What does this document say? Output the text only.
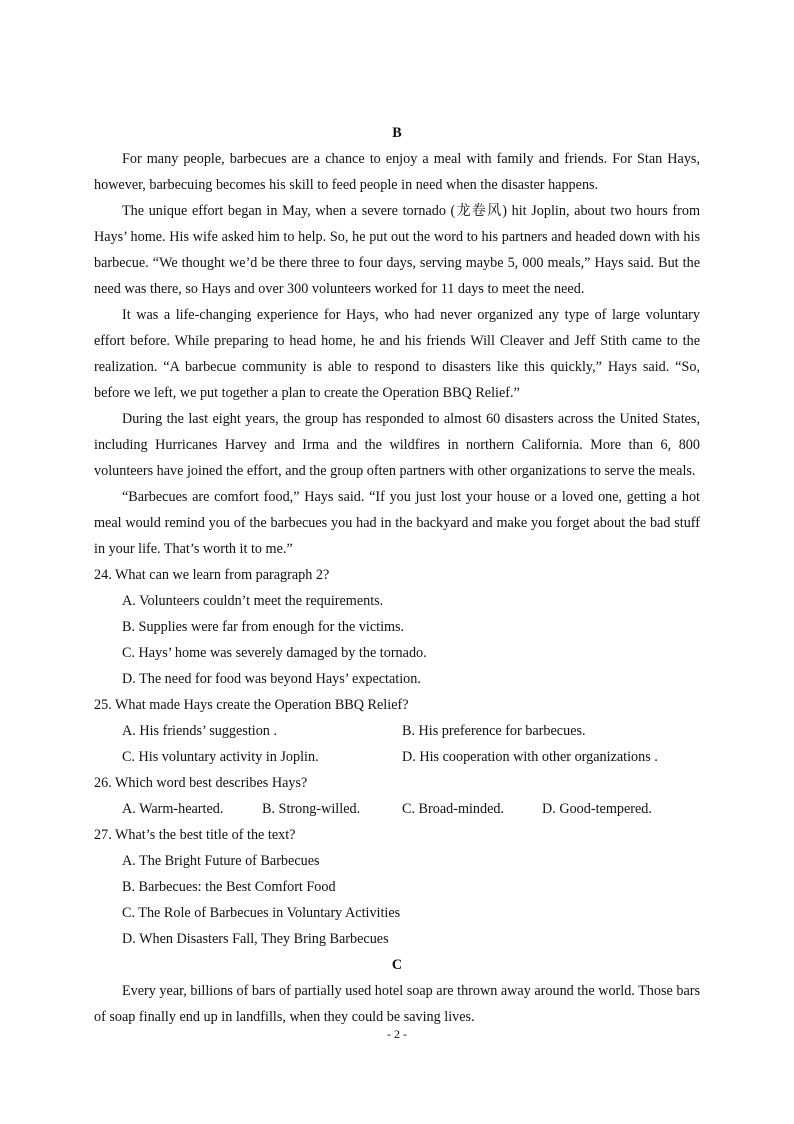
B

For many people, barbecues are a chance to enjoy a meal with family and friends. For Stan Hays, however, barbecuing becomes his skill to feed people in need when the disaster happens.

The unique effort began in May, when a severe tornado (龙卷风) hit Joplin, about two hours from Hays’ home. His wife asked him to help. So, he put out the word to his partners and headed down with his barbecue. “We thought we’d be there three to four days, serving maybe 5, 000 meals,” Hays said. But the need was there, so Hays and over 300 volunteers worked for 11 days to meet the need.

It was a life-changing experience for Hays, who had never organized any type of large voluntary effort before. While preparing to head home, he and his friends Will Cleaver and Jeff Stith came to the realization. “A barbecue community is able to respond to disasters like this quickly,” Hays said. “So, before we left, we put together a plan to create the Operation BBQ Relief.”

During the last eight years, the group has responded to almost 60 disasters across the United States, including Hurricanes Harvey and Irma and the wildfires in northern California. More than 6, 800 volunteers have joined the effort, and the group often partners with other organizations to serve the meals.

“Barbecues are comfort food,” Hays said. “If you just lost your house or a loved one, getting a hot meal would remind you of the barbecues you had in the backyard and make you forget about the bad stuff in your life. That’s worth it to me.”

24. What can we learn from paragraph 2?
A. Volunteers couldn’t meet the requirements.
B. Supplies were far from enough for the victims.
C. Hays’ home was severely damaged by the tornado.
D. The need for food was beyond Hays’ expectation.
25. What made Hays create the Operation BBQ Relief?
A. His friends’ suggestion .	B. His preference for barbecues.
C. His voluntary activity in Joplin.	D. His cooperation with other organizations .
26. Which word best describes Hays?
A. Warm-hearted.	B. Strong-willed.	C. Broad-minded.	D. Good-tempered.
27. What’s the best title of the text?
A. The Bright Future of Barbecues
B. Barbecues: the Best Comfort Food
C. The Role of Barbecues in Voluntary Activities
D. When Disasters Fall, They Bring Barbecues
C

Every year, billions of bars of partially used hotel soap are thrown away around the world. Those bars of soap finally end up in landfills, when they could be saving lives.

- 2 -
